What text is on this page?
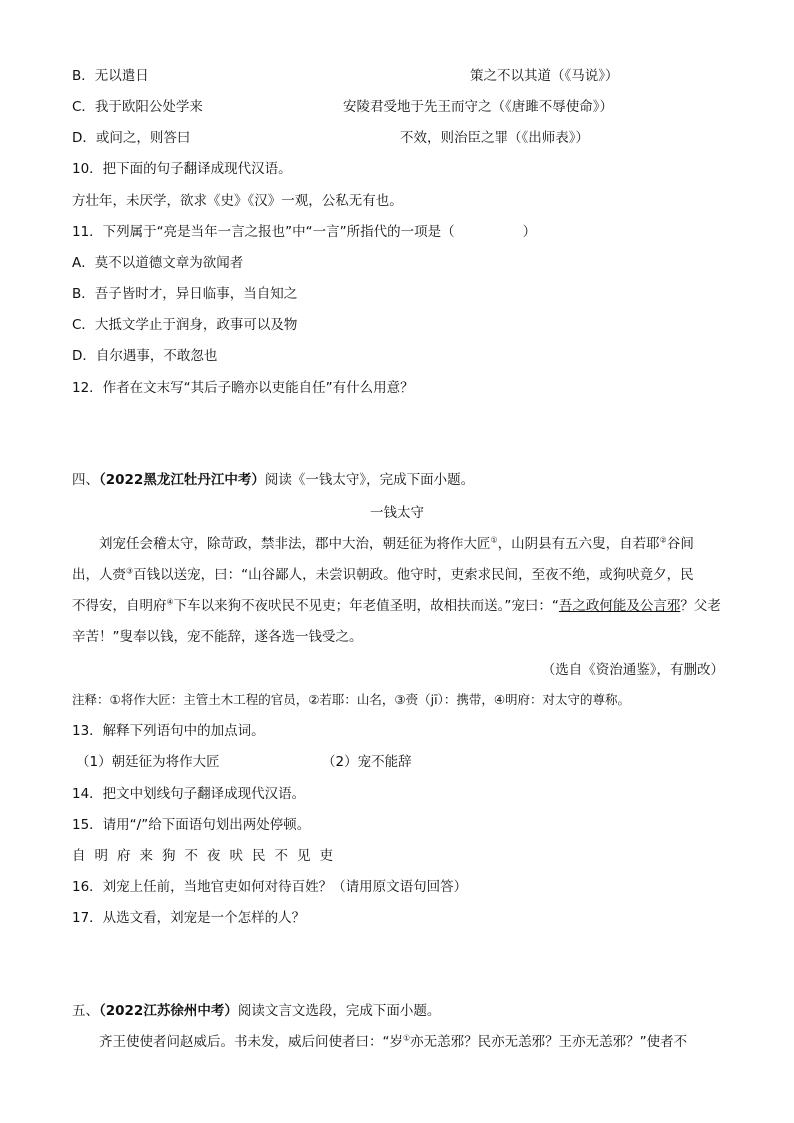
B．无以遣日	策之不以其道（《马说》）
C．我于欧阳公处学来	安陵君受地于先王而守之（《唐雎不辱使命》）
D．或问之，则答曰	不效，则治臣之罪（《出师表》）
10．把下面的句子翻译成现代汉语。
方壮年，未厌学，欲求《史》《汉》一观，公私无有也。
11．下列属于“亮是当年一言之报也”中“一言”所指代的一项是（	）
A．莫不以道德文章为欲闻者
B．吾子皆时才，异日临事，当自知之
C．大抵文学止于润身，政事可以及物
D．自尔遇事，不敢忽也
12．作者在文末写“其后子瞻亦以吏能自任”有什么用意？
四、（2022黑龙江牡丹江中考）阅读《一钱太守》，完成下面小题。
一钱太守
刘宠任会稽太守，除苛政，禁非法，郡中大治，朝廷征为将作大匠①，山阴县有五六叟，自若耶②谷间
出，人赍③百钱以送宠，曰：“山谷鄙人，未尝识朝政。他守时，吏索求民间，至夜不绝，或狗吠竟夕，民
不得安，自明府④下车以来狗不夜吠民不见吏；年老值圣明，故相扶而送。”宠曰：“吾之政何能及公言邪？父老
辛苦！”叟奉以钱，宠不能辞，遂各选一钱受之。
（选自《资治通鉴》，有删改）
注释：①将作大匠：主管土木工程的官员，②若耶：山名，③赍（jī）：携带，④明府：对太守的尊称。
13．解释下列语句中的加点词。
（1）朝廷征为将作大匠	（2）宠不能辞
14．把文中划线句子翻译成现代汉语。
15．请用“/”给下面语句划出两处停顿。
自明府来狗不夜吠民不见吏
16．刘宠上任前，当地官吏如何对待百姓？（请用原文语句回答）
17．从选文看，刘宠是一个怎样的人？
五、（2022江苏徐州中考）阅读文言文选段，完成下面小题。
齐王使使者问赵威后。书未发，威后问使者曰：“岁①亦无恙邪？民亦无恙邪？王亦无恙邪？”使者不
